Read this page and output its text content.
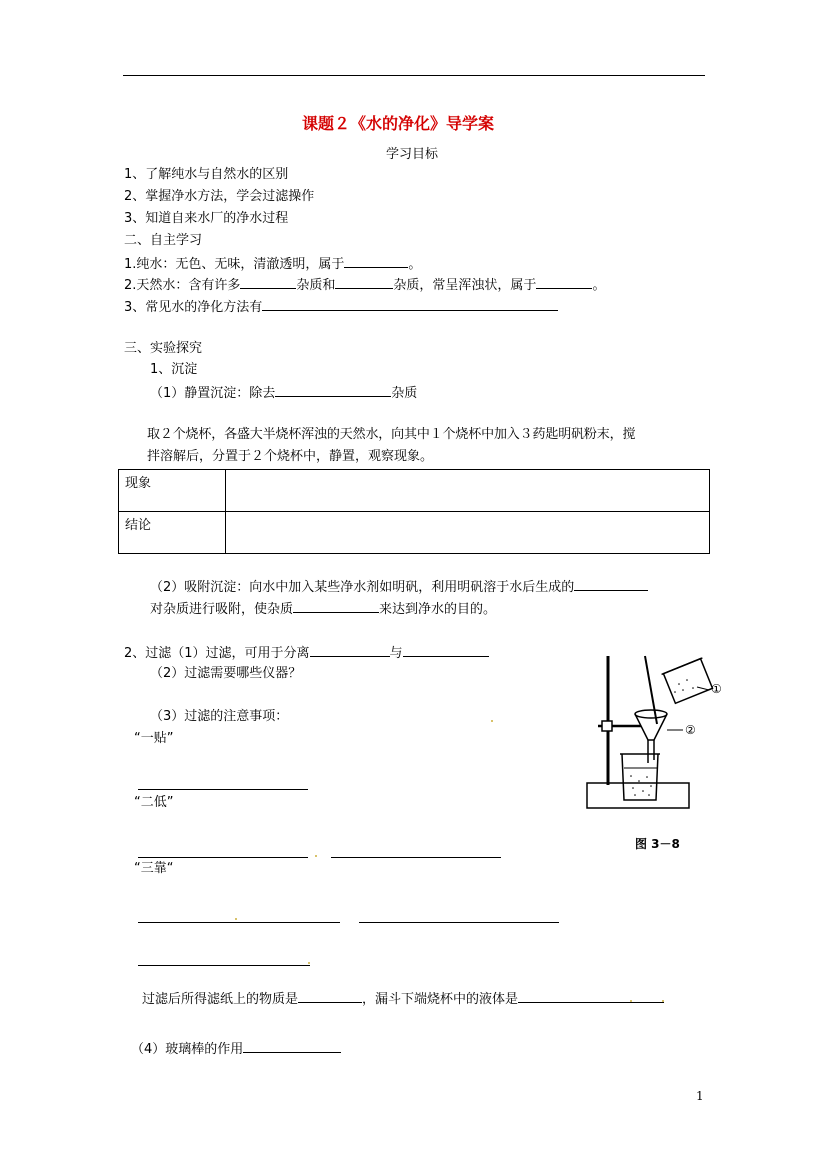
课题２《水的净化》导学案
学习目标
1、了解纯水与自然水的区别
2、掌握净水方法，学会过滤操作
3、知道自来水厂的净水过程
二、自主学习
1.纯水：无色、无味，清澈透明，属于	。
2.天然水：含有许多	杂质和	杂质，常呈浑浊状，属于	。
3、常见水的净化方法有
三、实验探究
1、沉淀
（1）静置沉淀：除去	杂质
取２个烧杯，各盛大半烧杯浑浊的天然水，向其中１个烧杯中加入３药匙明矾粉末，搅
拌溶解后，分置于２个烧杯中，静置，观察现象。
现象	
结论	
（2）吸附沉淀：向水中加入某些净水剂如明矾，利用明矾溶于水后生成的
对杂质进行吸附，使杂质	来达到净水的目的。
2、过滤（1）过滤，可用于分离	与
（2）过滤需要哪些仪器？
（3）过滤的注意事项：
“一贴”
“二低”
“三靠“
过滤后所得滤纸上的物质是	，漏斗下端烧杯中的液体是
（4）玻璃棒的作用
①
②
图 3－8
1
